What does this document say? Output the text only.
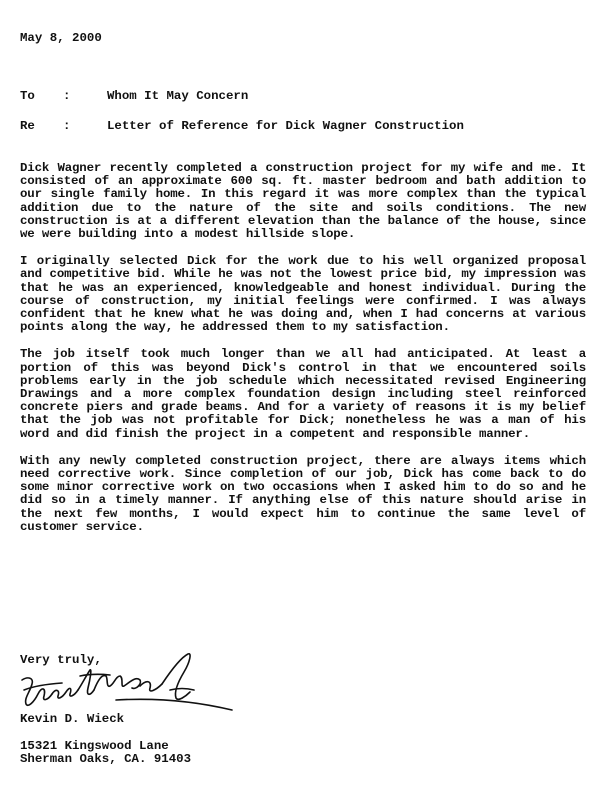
May 8, 2000
To :	Whom It May Concern
Re :	Letter of Reference for Dick Wagner Construction

Dick Wagner recently completed a construction project for my wife and me. It consisted of an approximate 600 sq. ft. master bedroom and bath addition to our single family home. In this regard it was more complex than the typical addition due to the nature of the site and soils conditions. The new construction is at a different elevation than the balance of the house, since we were building into a modest hillside slope.

I originally selected Dick for the work due to his well organized proposal and competitive bid. While he was not the lowest price bid, my impression was that he was an experienced, knowledgeable and honest individual. During the course of construction, my initial feelings were confirmed. I was always confident that he knew what he was doing and, when I had concerns at various points along the way, he addressed them to my satisfaction.

The job itself took much longer than we all had anticipated. At least a portion of this was beyond Dick's control in that we encountered soils problems early in the job schedule which necessitated revised Engineering Drawings and a more complex foundation design including steel reinforced concrete piers and grade beams. And for a variety of reasons it is my belief that the job was not profitable for Dick; nonetheless he was a man of his word and did finish the project in a competent and responsible manner.

With any newly completed construction project, there are always items which need corrective work. Since completion of our job, Dick has come back to do some minor corrective work on two occasions when I asked him to do so and he did so in a timely manner. If anything else of this nature should arise in the next few months, I would expect him to continue the same level of customer service.

Very truly,
Kevin D. Wieck
15321 Kingswood Lane
Sherman Oaks, CA. 91403
